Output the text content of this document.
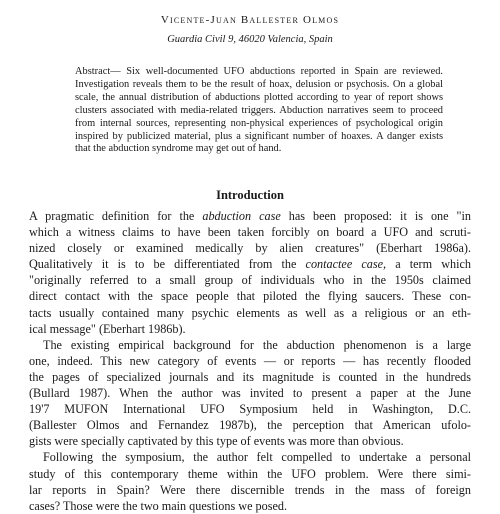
Vicente-Juan Ballester Olmos
Guardia Civil 9, 46020 Valencia, Spain

Abstract— Six well-documented UFO abductions reported in Spain are reviewed. Investigation reveals them to be the result of hoax, delusion or psychosis. On a global scale, the annual distribution of abductions plotted according to year of report shows clusters associated with media-related triggers. Abduction narratives seem to proceed from internal sources, representing non-physical experiences of psychological origin inspired by publicized material, plus a significant number of hoaxes. A danger exists that the abduction syndrome may get out of hand.

Introduction
A pragmatic definition for the abduction case has been proposed: it is one "in
which a witness claims to have been taken forcibly on board a UFO and scruti-
nized closely or examined medically by alien creatures" (Eberhart 1986a).
Qualitatively it is to be differentiated from the contactee case, a term which
"originally referred to a small group of individuals who in the 1950s claimed
direct contact with the space people that piloted the flying saucers. These con-
tacts usually contained many psychic elements as well as a religious or an eth-
ical message" (Eberhart 1986b).
The existing empirical background for the abduction phenomenon is a large
one, indeed. This new category of events — or reports — has recently flooded
the pages of specialized journals and its magnitude is counted in the hundreds
(Bullard 1987). When the author was invited to present a paper at the June
19'7 MUFON International UFO Symposium held in Washington, D.C.
(Ballester Olmos and Fernandez 1987b), the perception that American ufolo-
gists were specially captivated by this type of events was more than obvious.
Following the symposium, the author felt compelled to undertake a personal
study of this contemporary theme within the UFO problem. Were there simi-
lar reports in Spain? Were there discernible trends in the mass of foreign
cases? Those were the two main questions we posed.
